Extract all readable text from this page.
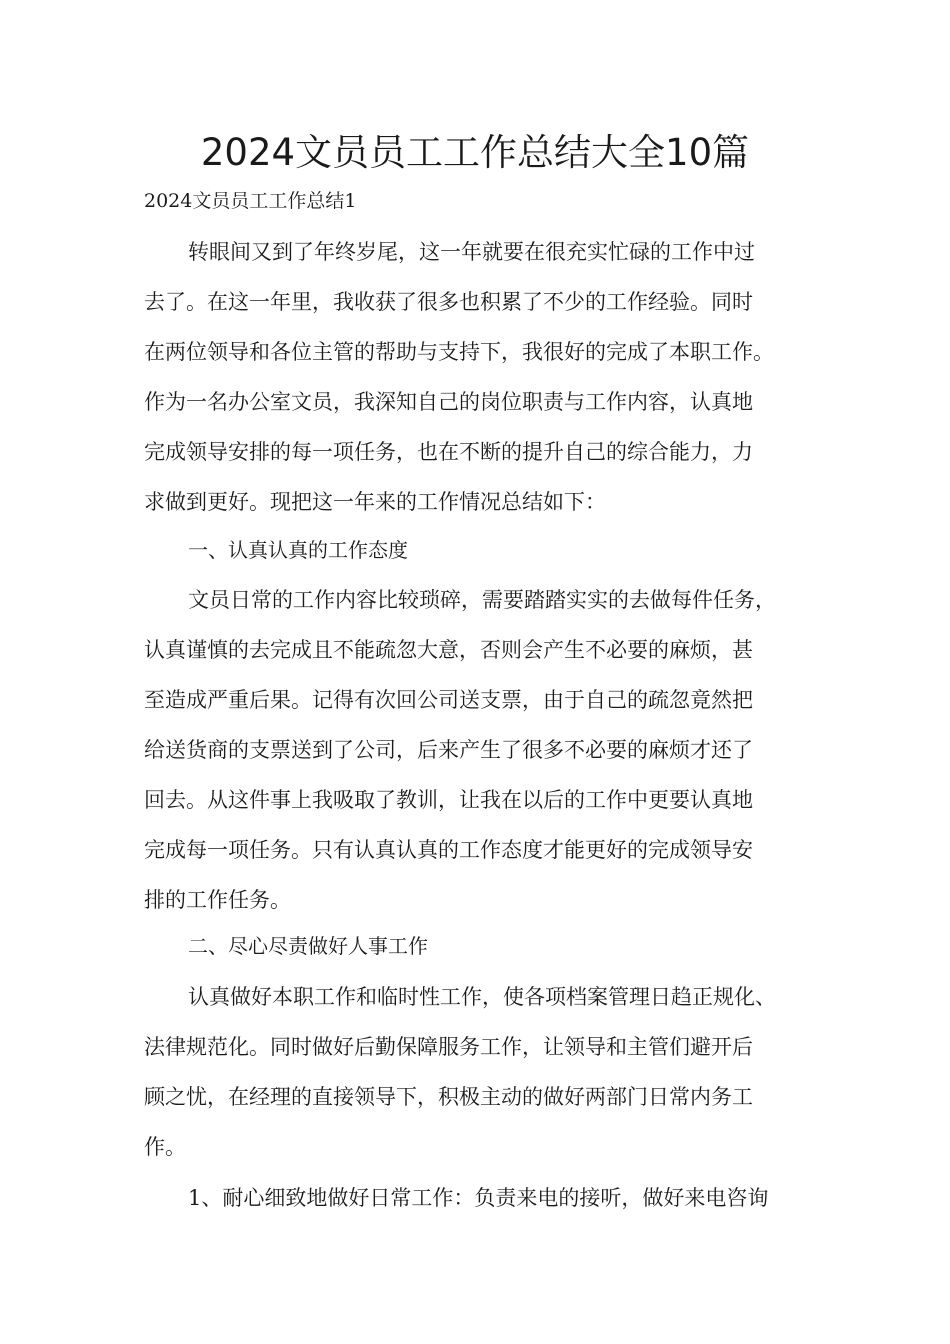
2024文员员工工作总结大全10篇

2024文员员工工作总结1

转眼间又到了年终岁尾，这一年就要在很充实忙碌的工作中过
去了。在这一年里，我收获了很多也积累了不少的工作经验。同时
在两位领导和各位主管的帮助与支持下，我很好的完成了本职工作。
作为一名办公室文员，我深知自己的岗位职责与工作内容，认真地
完成领导安排的每一项任务，也在不断的提升自己的综合能力，力
求做到更好。现把这一年来的工作情况总结如下：

一、认真认真的工作态度

文员日常的工作内容比较琐碎，需要踏踏实实的去做每件任务，
认真谨慎的去完成且不能疏忽大意，否则会产生不必要的麻烦，甚
至造成严重后果。记得有次回公司送支票，由于自己的疏忽竟然把
给送货商的支票送到了公司，后来产生了很多不必要的麻烦才还了
回去。从这件事上我吸取了教训，让我在以后的工作中更要认真地
完成每一项任务。只有认真认真的工作态度才能更好的完成领导安
排的工作任务。

二、尽心尽责做好人事工作

认真做好本职工作和临时性工作，使各项档案管理日趋正规化、
法律规范化。同时做好后勤保障服务工作，让领导和主管们避开后
顾之忧，在经理的直接领导下，积极主动的做好两部门日常内务工
作。
1、耐心细致地做好日常工作：负责来电的接听，做好来电咨询
